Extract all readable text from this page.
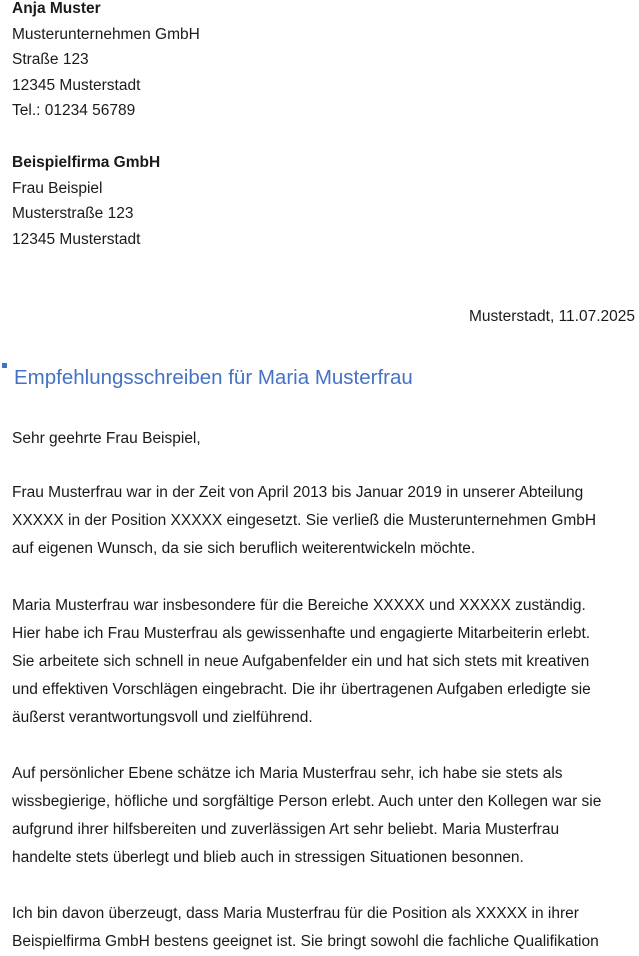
Anja Muster
Musterunternehmen GmbH
Straße 123
12345 Musterstadt
Tel.: 01234 56789
Beispielfirma GmbH
Frau Beispiel
Musterstraße 123
12345 Musterstadt
Musterstadt, 11.07.2025
Empfehlungsschreiben für Maria Musterfrau

Sehr geehrte Frau Beispiel,

Frau Musterfrau war in der Zeit von April 2013 bis Januar 2019 in unserer Abteilung
XXXXX in der Position XXXXX eingesetzt. Sie verließ die Musterunternehmen GmbH
auf eigenen Wunsch, da sie sich beruflich weiterentwickeln möchte.
Maria Musterfrau war insbesondere für die Bereiche XXXXX und XXXXX zuständig.
Hier habe ich Frau Musterfrau als gewissenhafte und engagierte Mitarbeiterin erlebt.
Sie arbeitete sich schnell in neue Aufgabenfelder ein und hat sich stets mit kreativen
und effektiven Vorschlägen eingebracht. Die ihr übertragenen Aufgaben erledigte sie
äußerst verantwortungsvoll und zielführend.
Auf persönlicher Ebene schätze ich Maria Musterfrau sehr, ich habe sie stets als
wissbegierige, höfliche und sorgfältige Person erlebt. Auch unter den Kollegen war sie
aufgrund ihrer hilfsbereiten und zuverlässigen Art sehr beliebt. Maria Musterfrau
handelte stets überlegt und blieb auch in stressigen Situationen besonnen.
Ich bin davon überzeugt, dass Maria Musterfrau für die Position als XXXXX in ihrer
Beispielfirma GmbH bestens geeignet ist. Sie bringt sowohl die fachliche Qualifikation
